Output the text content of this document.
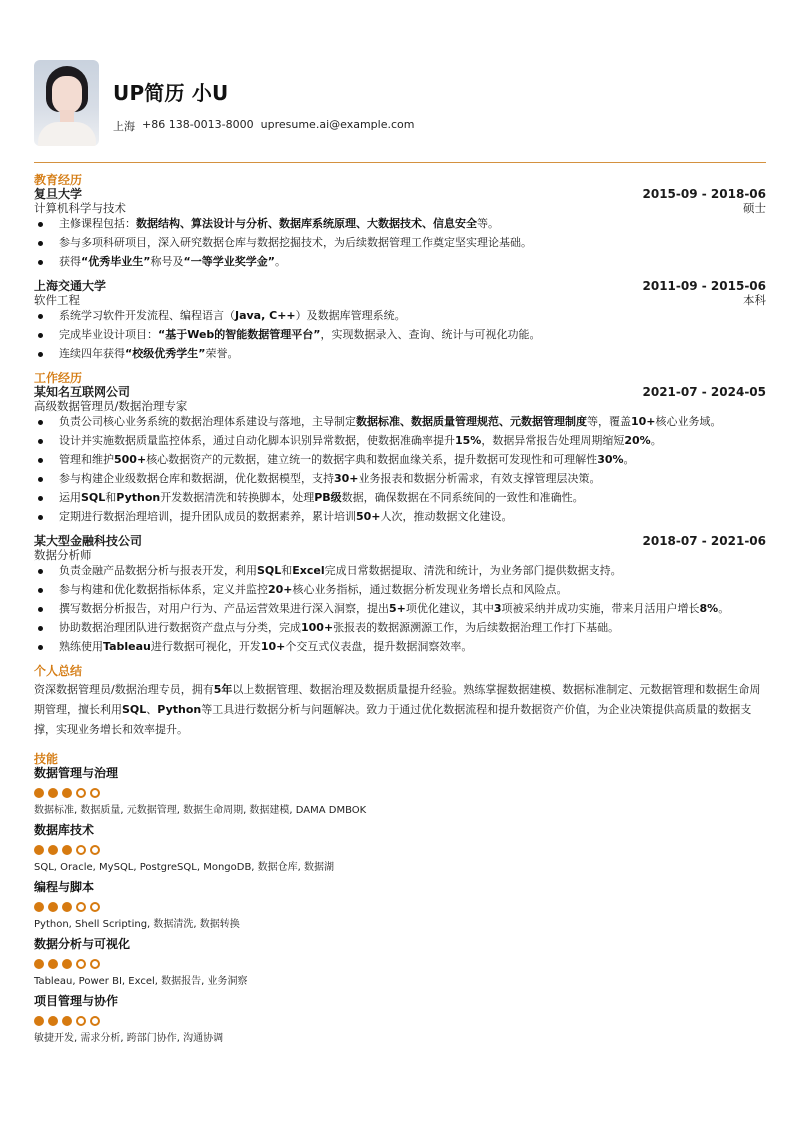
UP简历 小U
上海 +86 138-0013-8000 upresume.ai@example.com
教育经历
复旦大学	2015-09 - 2018-06
计算机科学与技术	硕士
主修课程包括：数据结构、算法设计与分析、数据库系统原理、大数据技术、信息安全等。
参与多项科研项目，深入研究数据仓库与数据挖掘技术，为后续数据管理工作奠定坚实理论基础。
获得“优秀毕业生”称号及“一等学业奖学金”。
上海交通大学	2011-09 - 2015-06
软件工程	本科
系统学习软件开发流程、编程语言（Java, C++）及数据库管理系统。
完成毕业设计项目：“基于Web的智能数据管理平台”，实现数据录入、查询、统计与可视化功能。
连续四年获得“校级优秀学生”荣誉。
工作经历
某知名互联网公司	2021-07 - 2024-05
高级数据管理员/数据治理专家
负责公司核心业务系统的数据治理体系建设与落地，主导制定数据标准、数据质量管理规范、元数据管理制度等，覆盖10+核心业务域。
设计并实施数据质量监控体系，通过自动化脚本识别异常数据，使数据准确率提升15%，数据异常报告处理周期缩短20%。
管理和维护500+核心数据资产的元数据，建立统一的数据字典和数据血缘关系，提升数据可发现性和可理解性30%。
参与构建企业级数据仓库和数据湖，优化数据模型，支持30+业务报表和数据分析需求，有效支撑管理层决策。
运用SQL和Python开发数据清洗和转换脚本，处理PB级数据，确保数据在不同系统间的一致性和准确性。
定期进行数据治理培训，提升团队成员的数据素养，累计培训50+人次，推动数据文化建设。
某大型金融科技公司	2018-07 - 2021-06
数据分析师
负责金融产品数据分析与报表开发，利用SQL和Excel完成日常数据提取、清洗和统计，为业务部门提供数据支持。
参与构建和优化数据指标体系，定义并监控20+核心业务指标，通过数据分析发现业务增长点和风险点。
撰写数据分析报告，对用户行为、产品运营效果进行深入洞察，提出5+项优化建议，其中3项被采纳并成功实施，带来月活用户增长8%。
协助数据治理团队进行数据资产盘点与分类，完成100+张报表的数据源溯源工作，为后续数据治理工作打下基础。
熟练使用Tableau进行数据可视化，开发10+个交互式仪表盘，提升数据洞察效率。
个人总结
资深数据管理员/数据治理专员，拥有5年以上数据管理、数据治理及数据质量提升经验。熟练掌握数据建模、数据标准制定、元数据管理和数据生命周期管理，擅长利用SQL、Python等工具进行数据分析与问题解决。致力于通过优化数据流程和提升数据资产价值，为企业决策提供高质量的数据支撑，实现业务增长和效率提升。
技能
数据管理与治理
数据标准, 数据质量, 元数据管理, 数据生命周期, 数据建模, DAMA DMBOK
数据库技术
SQL, Oracle, MySQL, PostgreSQL, MongoDB, 数据仓库, 数据湖
编程与脚本
Python, Shell Scripting, 数据清洗, 数据转换
数据分析与可视化
Tableau, Power BI, Excel, 数据报告, 业务洞察
项目管理与协作
敏捷开发, 需求分析, 跨部门协作, 沟通协调
